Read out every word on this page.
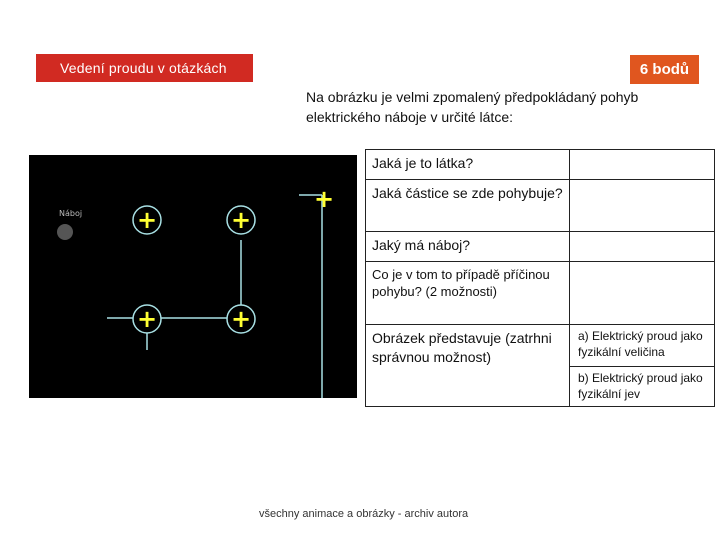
Vedení proudu v otázkách	6 bodů
Na obrázku je velmi zpomalený předpokládaný pohyb elektrického náboje v určité látce:
+	+
+	+
+
Náboj
Jaká je to látka?	
Jaká částice se zde pohybuje?	
Jaký má náboj?	
Co je v tom to případě příčinou pohybu? (2 možnosti)	
Obrázek představuje (zatrhni správnou možnost)	a) Elektrický proud jako fyzikální veličina
	b) Elektrický proud jako fyzikální jev
všechny animace a obrázky - archiv autora
